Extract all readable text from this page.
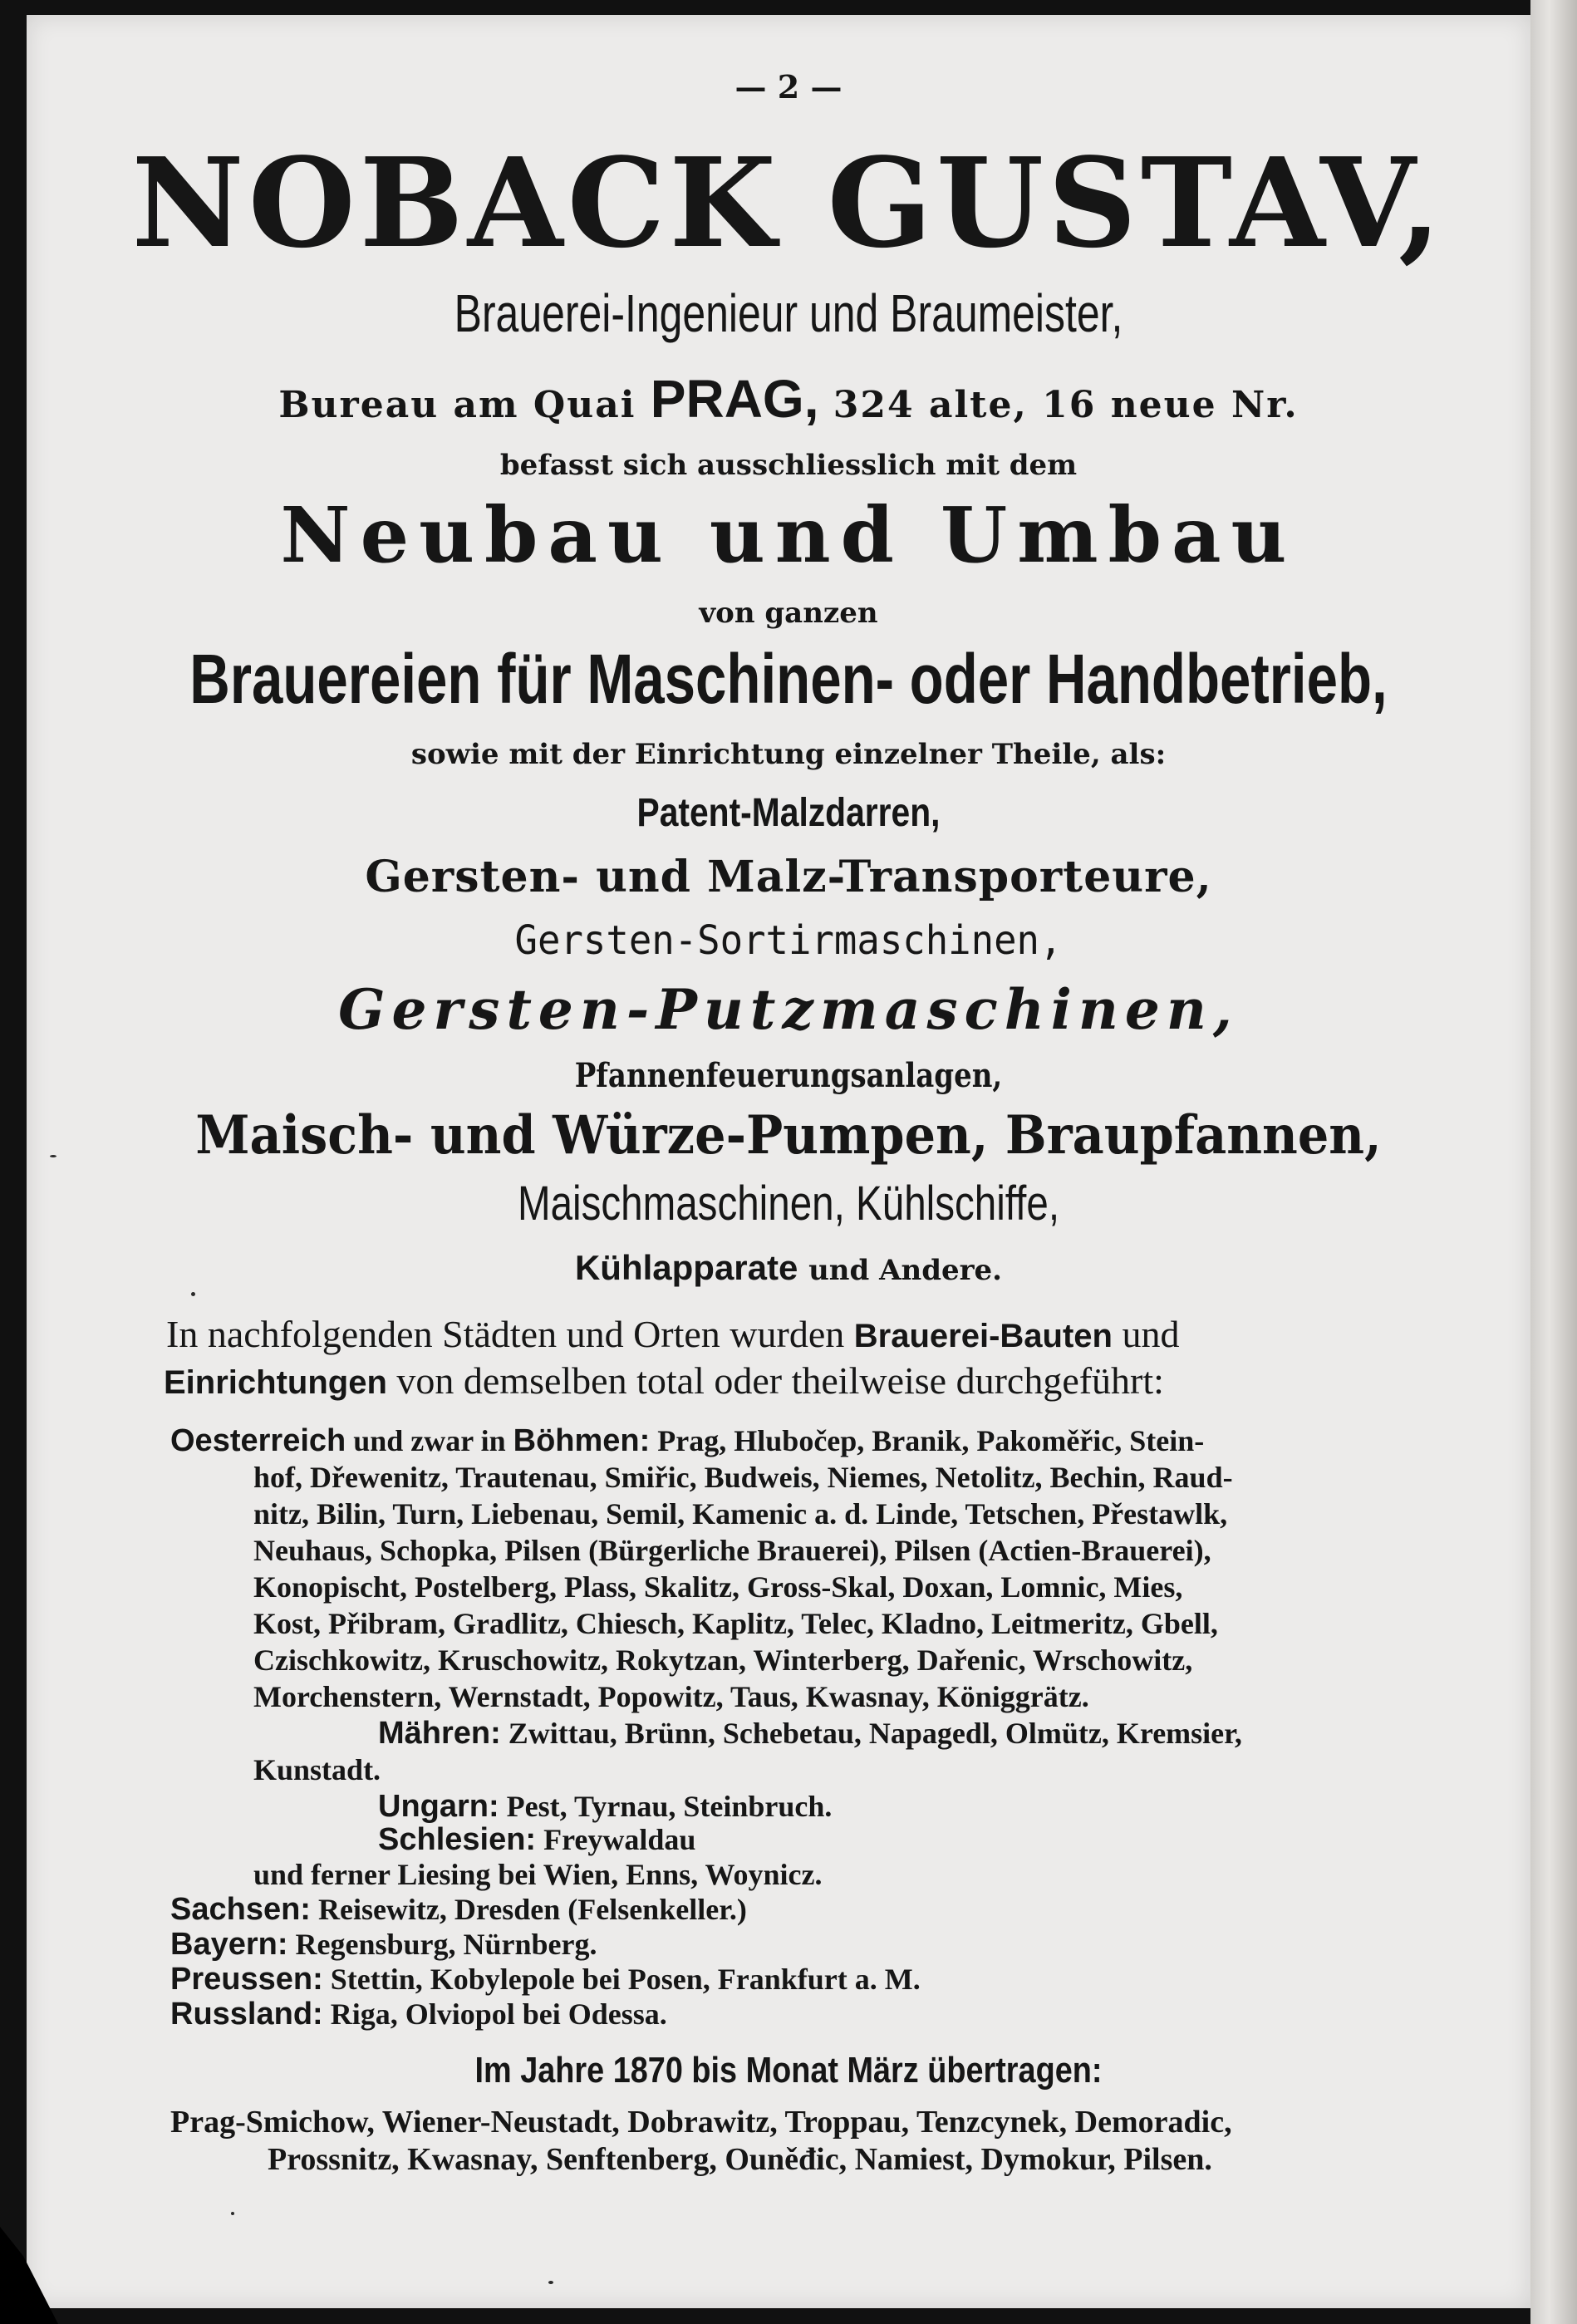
— 2 —
NOBACK GUSTAV,
Brauerei-Ingenieur und Braumeister,
Bureau am Quai PRAG, 324 alte, 16 neue Nr.
befasst sich ausschliesslich mit dem
Neubau und Umbau
von ganzen
Brauereien für Maschinen- oder Handbetrieb,
sowie mit der Einrichtung einzelner Theile, als:
Patent-Malzdarren,
Gersten- und Malz-Transporteure,
Gersten-Sortirmaschinen,
Gersten-Putzmaschinen,
Pfannenfeuerungsanlagen,
Maisch- und Würze-Pumpen, Braupfannen,
Maischmaschinen, Kühlschiffe,
Kühlapparate und Andere.
In nachfolgenden Städten und Orten wurden Brauerei-Bauten und
Einrichtungen von demselben total oder theilweise durchgeführt:
Oesterreich und zwar in Böhmen: Prag, Hlubočep, Branik, Pakoměřic, Stein-
hof, Dřewenitz, Trautenau, Smiřic, Budweis, Niemes, Netolitz, Bechin, Raud-
nitz, Bilin, Turn, Liebenau, Semil, Kamenic a. d. Linde, Tetschen, Přestawlk,
Neuhaus, Schopka, Pilsen (Bürgerliche Brauerei), Pilsen (Actien-Brauerei),
Konopischt, Postelberg, Plass, Skalitz, Gross-Skal, Doxan, Lomnic, Mies,
Kost, Přibram, Gradlitz, Chiesch, Kaplitz, Telec, Kladno, Leitmeritz, Gbell,
Czischkowitz, Kruschowitz, Rokytzan, Winterberg, Dařenic, Wrschowitz,
Morchenstern, Wernstadt, Popowitz, Taus, Kwasnay, Königgrätz.
Mähren: Zwittau, Brünn, Schebetau, Napagedl, Olmütz, Kremsier,
Kunstadt.
Ungarn: Pest, Tyrnau, Steinbruch.
Schlesien: Freywaldau
und ferner Liesing bei Wien, Enns, Woynicz.
Sachsen: Reisewitz, Dresden (Felsenkeller.)
Bayern: Regensburg, Nürnberg.
Preussen: Stettin, Kobylepole bei Posen, Frankfurt a. M.
Russland: Riga, Olviopol bei Odessa.
Im Jahre 1870 bis Monat März übertragen:
Prag-Smichow, Wiener-Neustadt, Dobrawitz, Troppau, Tenzcynek, Demoradic,
Prossnitz, Kwasnay, Senftenberg, Ouněđic, Namiest, Dymokur, Pilsen.
